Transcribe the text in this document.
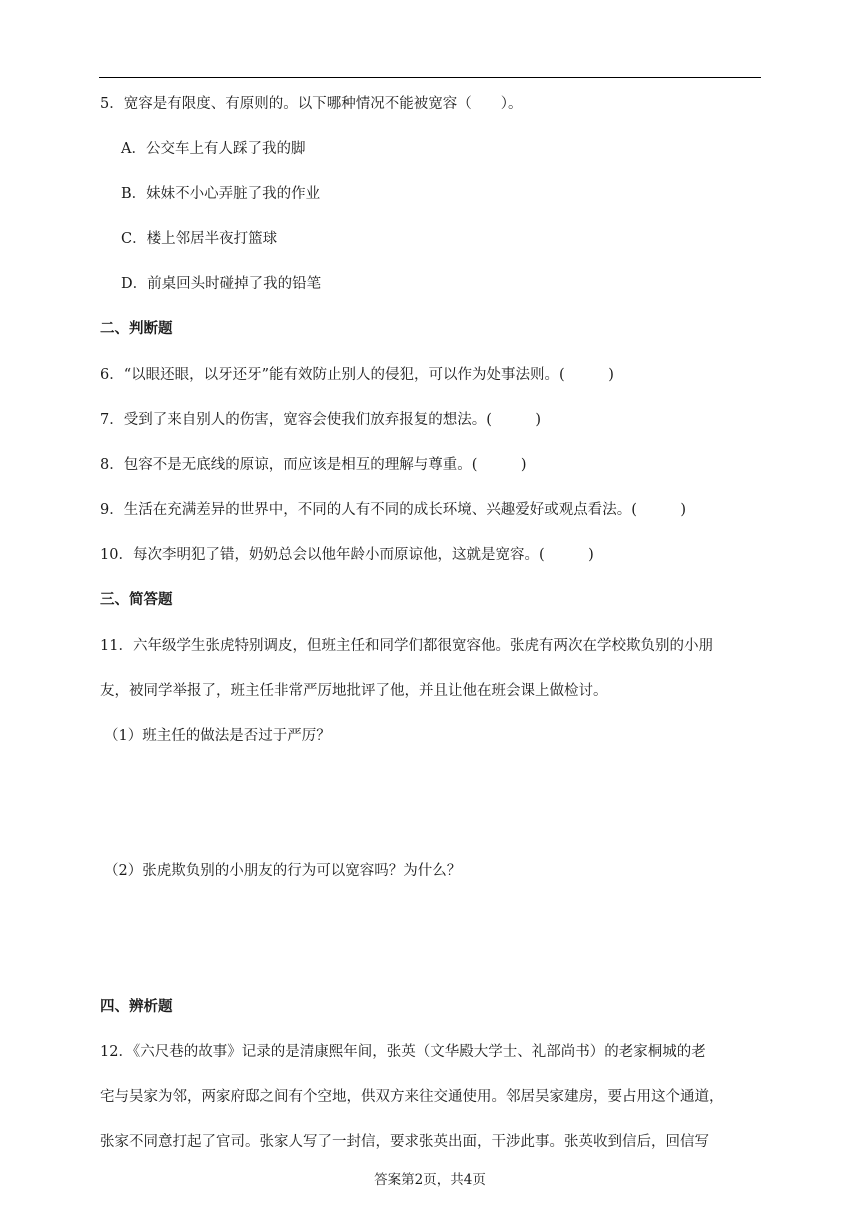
5．宽容是有限度、有原则的。以下哪种情况不能被宽容（　　）。
A．公交车上有人踩了我的脚
B．妹妹不小心弄脏了我的作业
C．楼上邻居半夜打篮球
D．前桌回头时碰掉了我的铅笔
二、判断题
6．“以眼还眼，以牙还牙”能有效防止别人的侵犯，可以作为处事法则。(　　　)
7．受到了来自别人的伤害，宽容会使我们放弃报复的想法。(　　　)
8．包容不是无底线的原谅，而应该是相互的理解与尊重。(　　　)
9．生活在充满差异的世界中，不同的人有不同的成长环境、兴趣爱好或观点看法。(　　　)
10．每次李明犯了错，奶奶总会以他年龄小而原谅他，这就是宽容。(　　　)
三、简答题
11．六年级学生张虎特别调皮，但班主任和同学们都很宽容他。张虎有两次在学校欺负别的小朋
友，被同学举报了，班主任非常严厉地批评了他，并且让他在班会课上做检讨。
（1）班主任的做法是否过于严厉？
（2）张虎欺负别的小朋友的行为可以宽容吗？为什么？
四、辨析题
12．《六尺巷的故事》记录的是清康熙年间，张英（文华殿大学士、礼部尚书）的老家桐城的老
宅与吴家为邻，两家府邸之间有个空地，供双方来往交通使用。邻居吴家建房，要占用这个通道，
张家不同意打起了官司。张家人写了一封信，要求张英出面，干涉此事。张英收到信后，回信写
答案第2页，共4页
